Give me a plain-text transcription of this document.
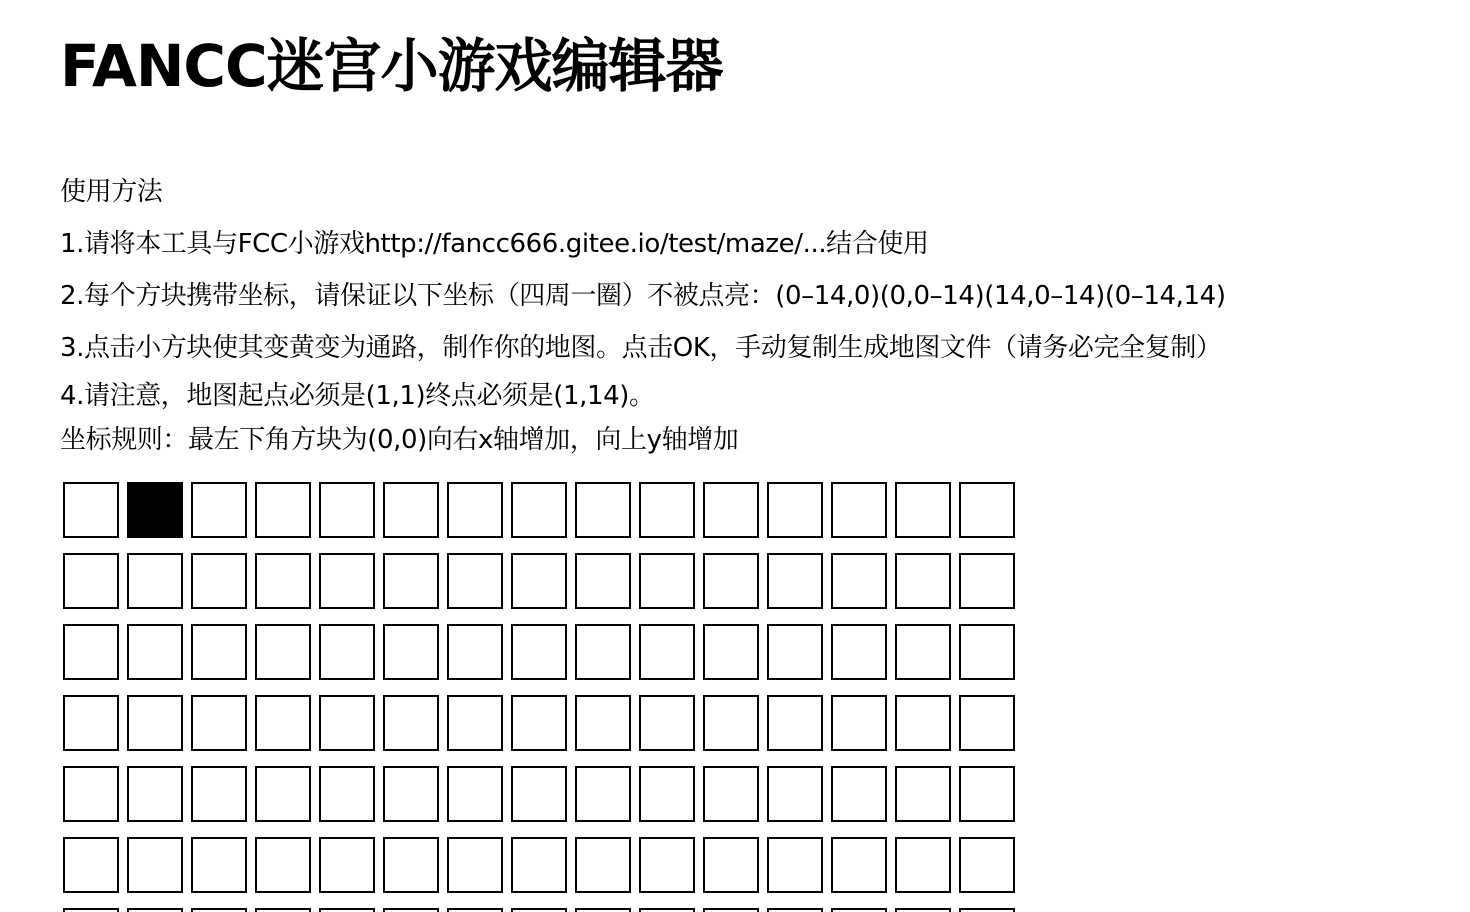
FANCC迷宫小游戏编辑器
使用方法
1.请将本工具与FCC小游戏http://fancc666.gitee.io/test/maze/...结合使用
2.每个方块携带坐标，请保证以下坐标（四周一圈）不被点亮：(0–14,0)(0,0–14)(14,0–14)(0–14,14)
3.点击小方块使其变黄变为通路，制作你的地图。点击OK，手动复制生成地图文件（请务必完全复制）
4.请注意，地图起点必须是(1,1)终点必须是(1,14)。
坐标规则：最左下角方块为(0,0)向右x轴增加，向上y轴增加
